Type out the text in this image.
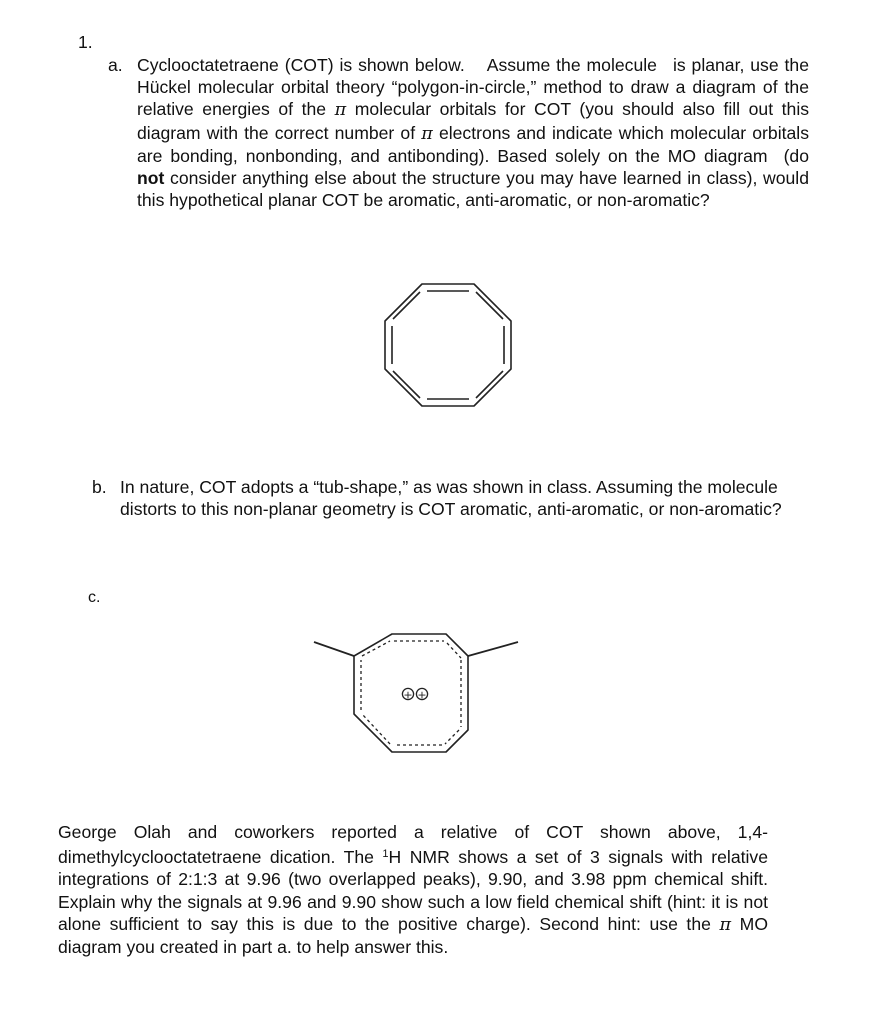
1.
a. Cyclooctatetraene (COT) is shown below. Assume the molecule is planar, use the Hückel molecular orbital theory “polygon-in-circle,” method to draw a diagram of the relative energies of the π molecular orbitals for COT (you should also fill out this diagram with the correct number of π electrons and indicate which molecular orbitals are bonding, nonbonding, and antibonding). Based solely on the MO diagram (do not consider anything else about the structure you may have learned in class), would this hypothetical planar COT be aromatic, anti-aromatic, or non-aromatic?
b. In nature, COT adopts a “tub-shape,” as was shown in class. Assuming the molecule distorts to this non-planar geometry is COT aromatic, anti-aromatic, or non-aromatic?
c.
+ +
George Olah and coworkers reported a relative of COT shown above, 1,4-dimethylcyclooctatetraene dication. The $^1$H NMR shows a set of 3 signals with relative integrations of 2:1:3 at 9.96 (two overlapped peaks), 9.90, and 3.98 ppm chemical shift. Explain why the signals at 9.96 and 9.90 show such a low field chemical shift (hint: it is not alone sufficient to say this is due to the positive charge). Second hint: use the π MO diagram you created in part a. to help answer this.
